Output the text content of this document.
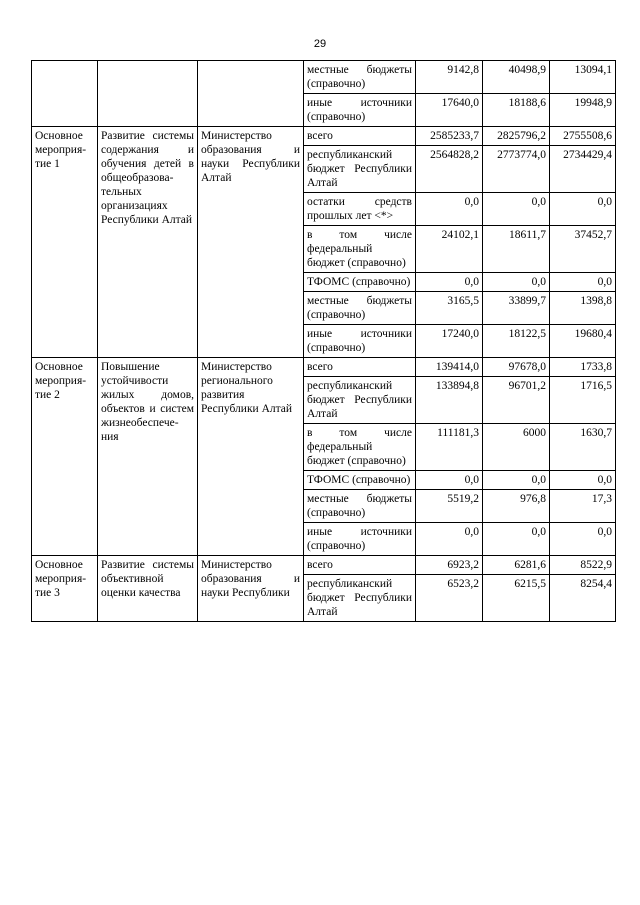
29
			местные бюджеты (справочно)	9142,8	40498,9	13094,1
			иные источники (справочно)	17640,0	18188,6	19948,9
Основное мероприя-тие 1	Развитие системы содержания и обучения детей в общеобразова-тельных организациях Республики Алтай	Министерство образования и науки Республики Алтай	всего	2585233,7	2825796,2	2755508,6
			республиканский бюджет Республики Алтай	2564828,2	2773774,0	2734429,4
			остатки средств прошлых лет <*>	0,0	0,0	0,0
			в том числе федеральный бюджет (справочно)	24102,1	18611,7	37452,7
			ТФОМС (справочно)	0,0	0,0	0,0
			местные бюджеты (справочно)	3165,5	33899,7	1398,8
			иные источники (справочно)	17240,0	18122,5	19680,4
Основное мероприя-тие 2	Повышение устойчивости жилых домов, объектов и систем жизнеобеспече-ния	Министерство регионального развития Республики Алтай	всего	139414,0	97678,0	1733,8
			республиканский бюджет Республики Алтай	133894,8	96701,2	1716,5
			в том числе федеральный бюджет (справочно)	111181,3	6000	1630,7
			ТФОМС (справочно)	0,0	0,0	0,0
			местные бюджеты (справочно)	5519,2	976,8	17,3
			иные источники (справочно)	0,0	0,0	0,0
Основное мероприя-тие 3	Развитие системы объективной оценки качества	Министерство образования и науки Республики	всего	6923,2	6281,6	8522,9
			республиканский бюджет Республики Алтай	6523,2	6215,5	8254,4
